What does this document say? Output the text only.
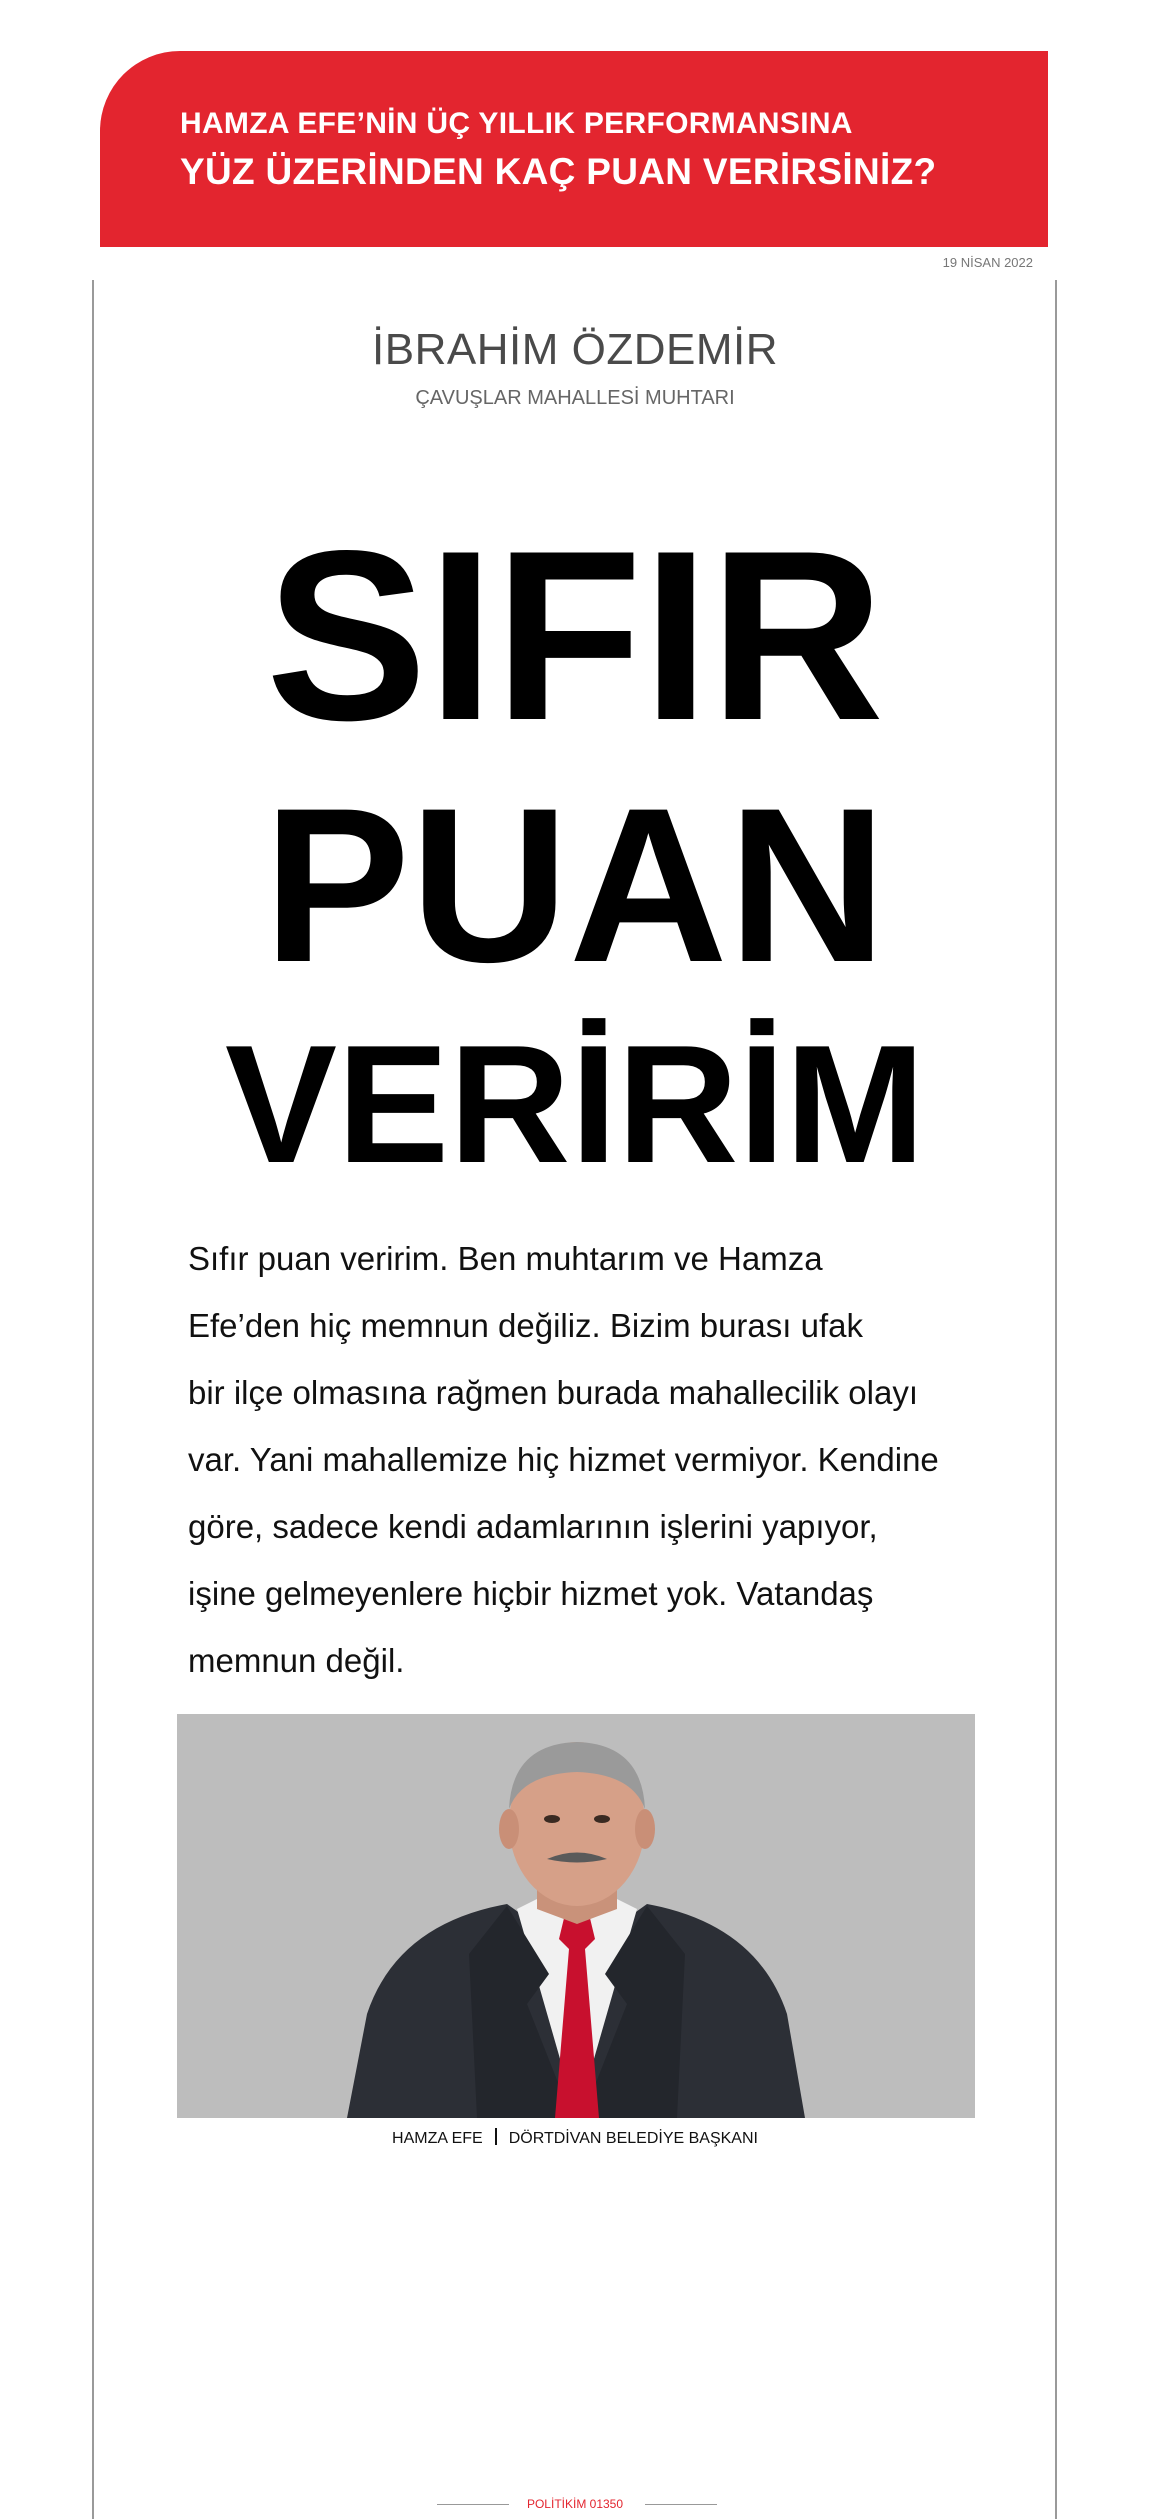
HAMZA EFE’NİN ÜÇ YILLIK PERFORMANSINA
YÜZ ÜZERİNDEN KAÇ PUAN VERİRSİNİZ?
19 NİSAN 2022
İBRAHİM ÖZDEMİR
ÇAVUŞLAR MAHALLESİ MUHTARI
SIFIR
PUAN
VERİRİM
Sıfır puan veririm. Ben muhtarım ve Hamza
Efe’den hiç memnun değiliz. Bizim burası ufak
bir ilçe olmasına rağmen burada mahallecilik olayı
var. Yani mahallemize hiç hizmet vermiyor. Kendine
göre, sadece kendi adamlarının işlerini yapıyor,
işine gelmeyenlere hiçbir hizmet yok. Vatandaş
memnun değil.
HAMZA EFE DÖRTDİVAN BELEDİYE BAŞKANI
POLİTİKİM 01350
